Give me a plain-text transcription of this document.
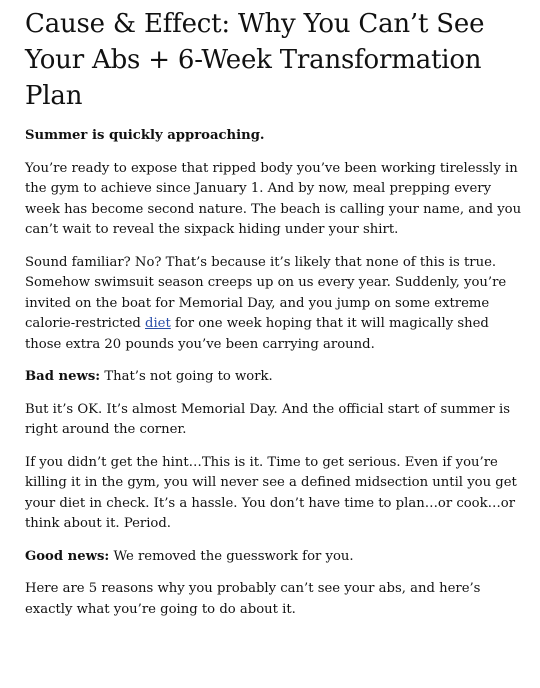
Cause & Effect: Why You Can’t See Your Abs + 6-Week Transformation Plan

Summer is quickly approaching.

You’re ready to expose that ripped body you’ve been working tirelessly in the gym to achieve since January 1. And by now, meal prepping every week has become second nature. The beach is calling your name, and you can’t wait to reveal the sixpack hiding under your shirt.

Sound familiar? No? That’s because it’s likely that none of this is true. Somehow swimsuit season creeps up on us every year. Suddenly, you’re invited on the boat for Memorial Day, and you jump on some extreme calorie-restricted diet for one week hoping that it will magically shed those extra 20 pounds you’ve been carrying around.

Bad news: That’s not going to work.

But it’s OK. It’s almost Memorial Day. And the official start of summer is right around the corner.

If you didn’t get the hint…This is it. Time to get serious. Even if you’re killing it in the gym, you will never see a defined midsection until you get your diet in check. It’s a hassle. You don’t have time to plan…or cook…or think about it. Period.

Good news: We removed the guesswork for you.

Here are 5 reasons why you probably can’t see your abs, and here’s exactly what you’re going to do about it.
